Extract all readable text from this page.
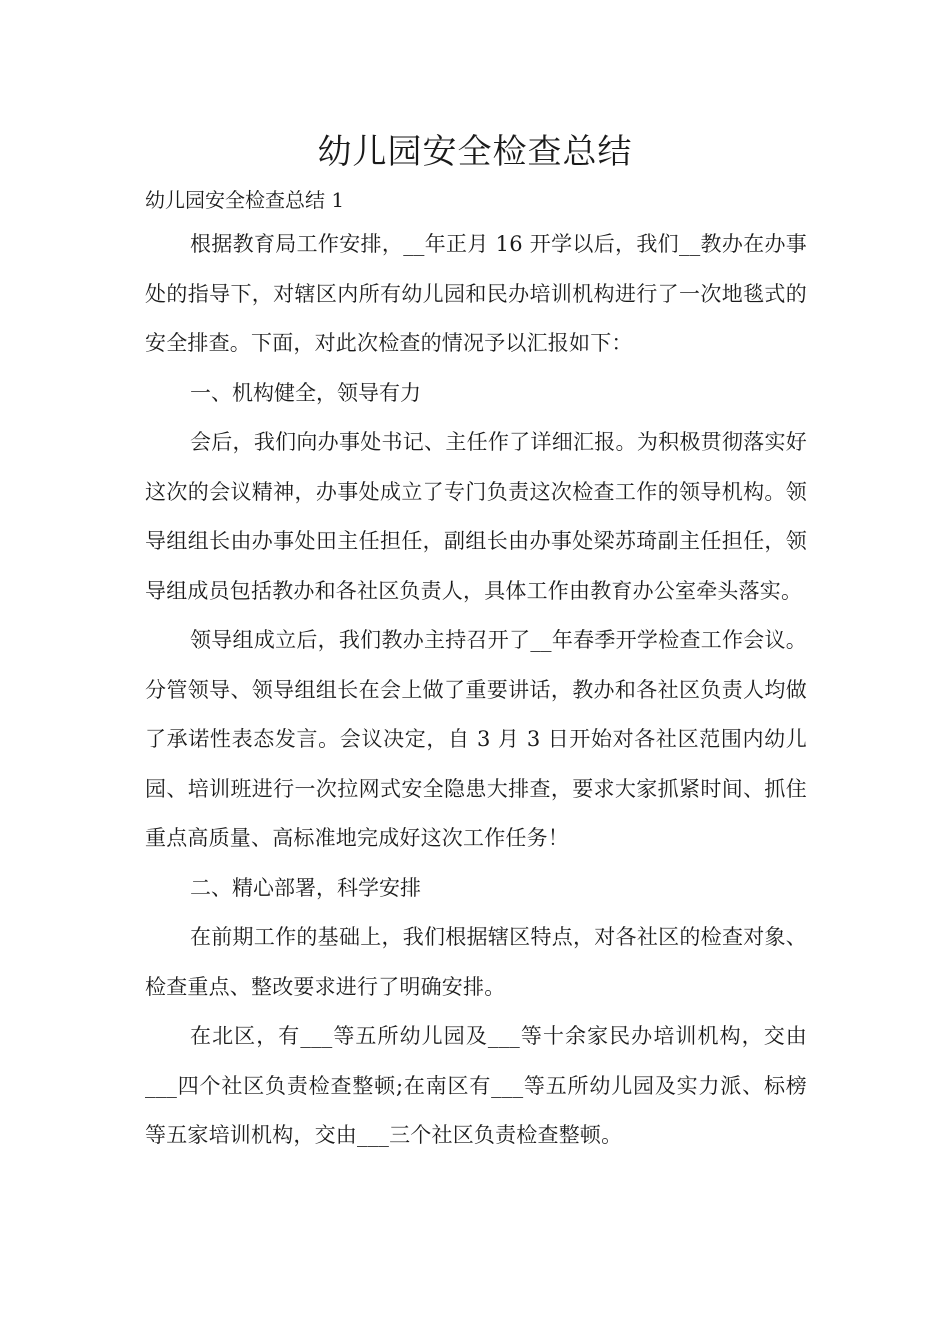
幼儿园安全检查总结

幼儿园安全检查总结 1

根据教育局工作安排，__年正月 16 开学以后，我们__教办在办事处的指导下，对辖区内所有幼儿园和民办培训机构进行了一次地毯式的安全排查。下面，对此次检查的情况予以汇报如下：

一、机构健全，领导有力

会后，我们向办事处书记、主任作了详细汇报。为积极贯彻落实好这次的会议精神，办事处成立了专门负责这次检查工作的领导机构。领导组组长由办事处田主任担任，副组长由办事处梁苏琦副主任担任，领导组成员包括教办和各社区负责人，具体工作由教育办公室牵头落实。

领导组成立后，我们教办主持召开了__年春季开学检查工作会议。分管领导、领导组组长在会上做了重要讲话，教办和各社区负责人均做了承诺性表态发言。会议决定，自 3 月 3 日开始对各社区范围内幼儿园、培训班进行一次拉网式安全隐患大排查，要求大家抓紧时间、抓住重点高质量、高标准地完成好这次工作任务！

二、精心部署，科学安排

在前期工作的基础上，我们根据辖区特点，对各社区的检查对象、检查重点、整改要求进行了明确安排。

在北区，有___等五所幼儿园及___等十余家民办培训机构，交由___四个社区负责检查整顿;在南区有___等五所幼儿园及实力派、标榜等五家培训机构，交由___三个社区负责检查整顿。
